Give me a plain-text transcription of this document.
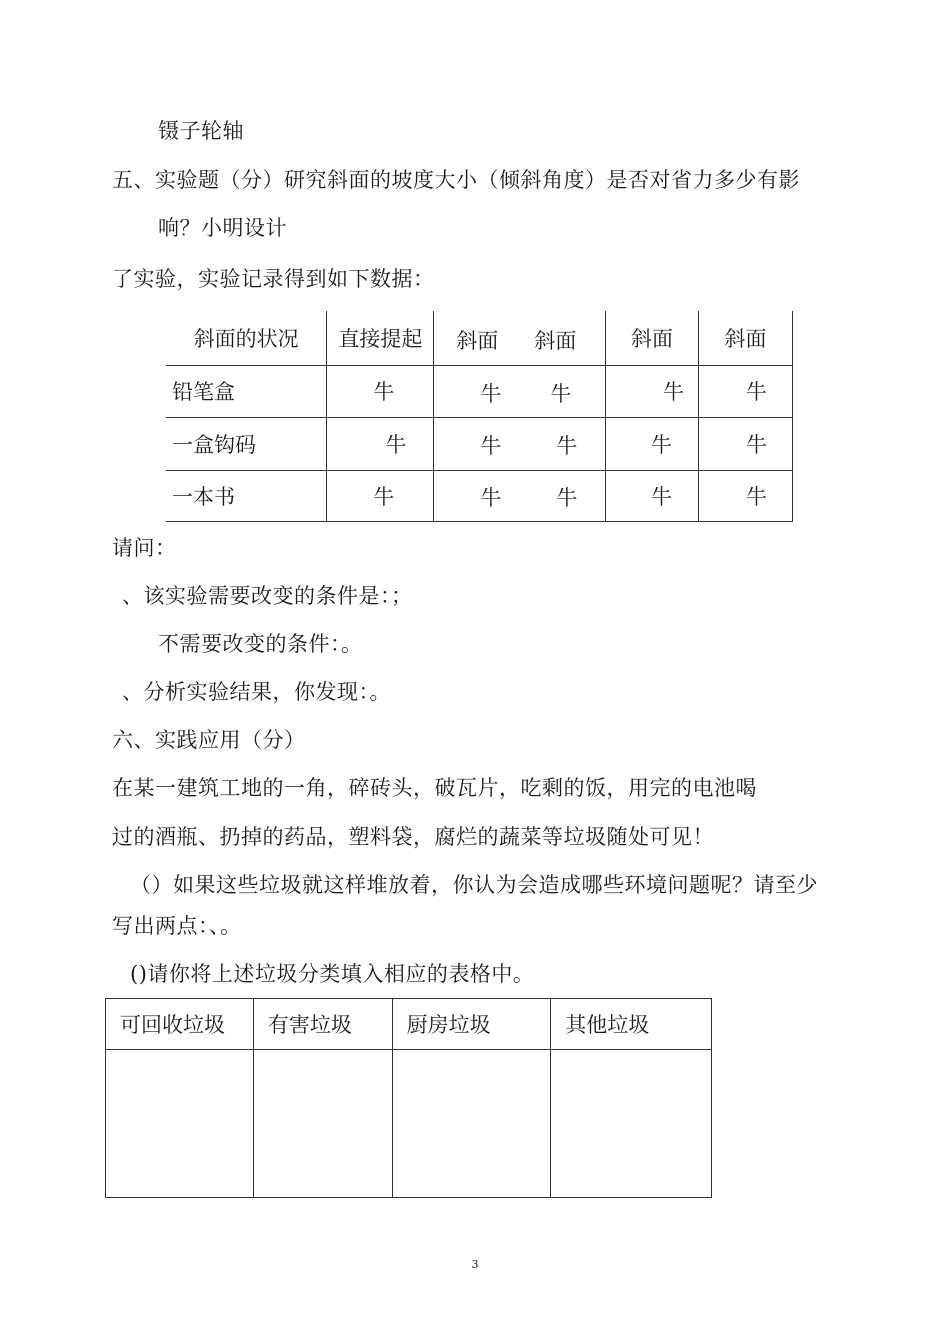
镊子轮轴
五、实验题（分）研究斜面的坡度大小（倾斜角度）是否对省力多少有影
响？小明设计
了实验，实验记录得到如下数据：
斜面的状况	直接提起	斜面 斜面	斜面	斜面

铅笔盒	牛	牛 牛	牛	牛

一盒钩码	牛	牛 牛	牛	牛

一本书	牛	牛 牛	牛	牛
请问：
、该实验需要改变的条件是：；
不需要改变的条件：。
、分析实验结果，你发现：。
六、实践应用（分）
在某一建筑工地的一角，碎砖头，破瓦片，吃剩的饭，用完的电池喝
过的酒瓶、扔掉的药品，塑料袋，腐烂的蔬菜等垃圾随处可见！
（）如果这些垃圾就这样堆放着，你认为会造成哪些环境问题呢？请至少
写出两点：、。
()请你将上述垃圾分类填入相应的表格中。
可回收垃圾	有害垃圾	厨房垃圾	其他垃圾

3
